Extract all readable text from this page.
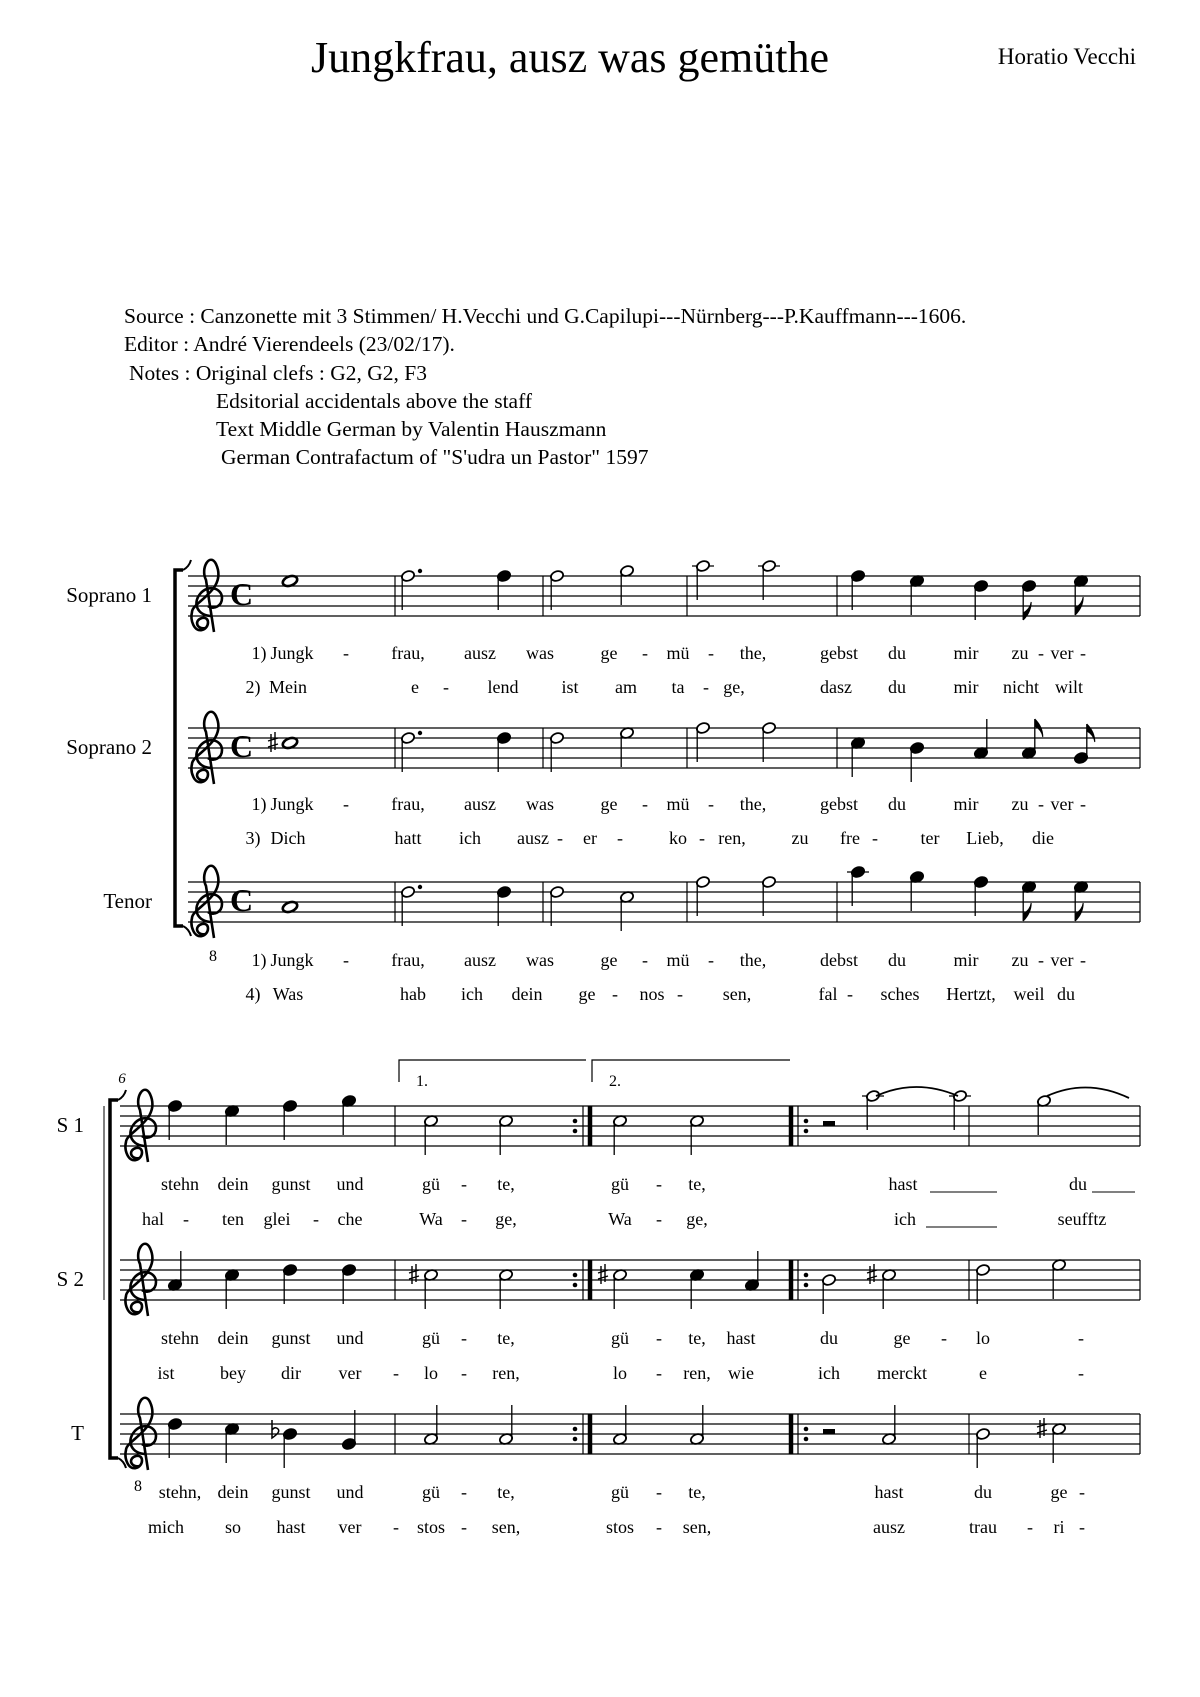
Jungkfrau, ausz was gemüthe	Horatio Vecchi
Source : Canzonette mit 3 Stimmen/ H.Vecchi und G.Capilupi---Nürnberg---P.Kauffmann---1606.
Editor : André Vierendeels (23/02/17).
Notes : Original clefs : G2, G2, F3
Edsitorial accidentals above the staff
Text Middle German by Valentin Hauszmann
German Contrafactum of "S'udra un Pastor" 1597
C
Soprano 1
C
Soprano 2
C
Tenor
8
1) Jungk - frau, ausz was	ge - mü - the,	gebst du	mir zu - ver -
1) Jungk - frau, ausz was	ge - mü - the,	gebst du	mir zu - ver -
1) Jungk - frau, ausz was	ge - mü - the,	debst du	mir zu - ver -
2) Mein	e - lend ist am ta - ge,	dasz du	mir nicht wilt
3) Dich	hatt ich ausz - er -	ko - ren,	zu fre - ter Lieb, die
4) Was	hab ich dein ge - nos - sen,	fal - sches Hertzt, weil du
6
S 1
S 2
T
8
1.	2.
stehn dein gunst und	gü - te,	gü - te,	hast	du
hal - ten glei - che	Wa - ge,	Wa - ge,	ich	seufftz
stehn dein gunst und	gü - te,	gü - te, hast	du	ge - lo	-
ist	bey dir ver - lo - ren,	lo - ren, wie	ich merckt	e	-
stehn, dein gunst und	gü - te,	gü - te,	hast	du	ge -
mich so hast ver - stos - sen,	stos - sen,	ausz	trau - ri -
